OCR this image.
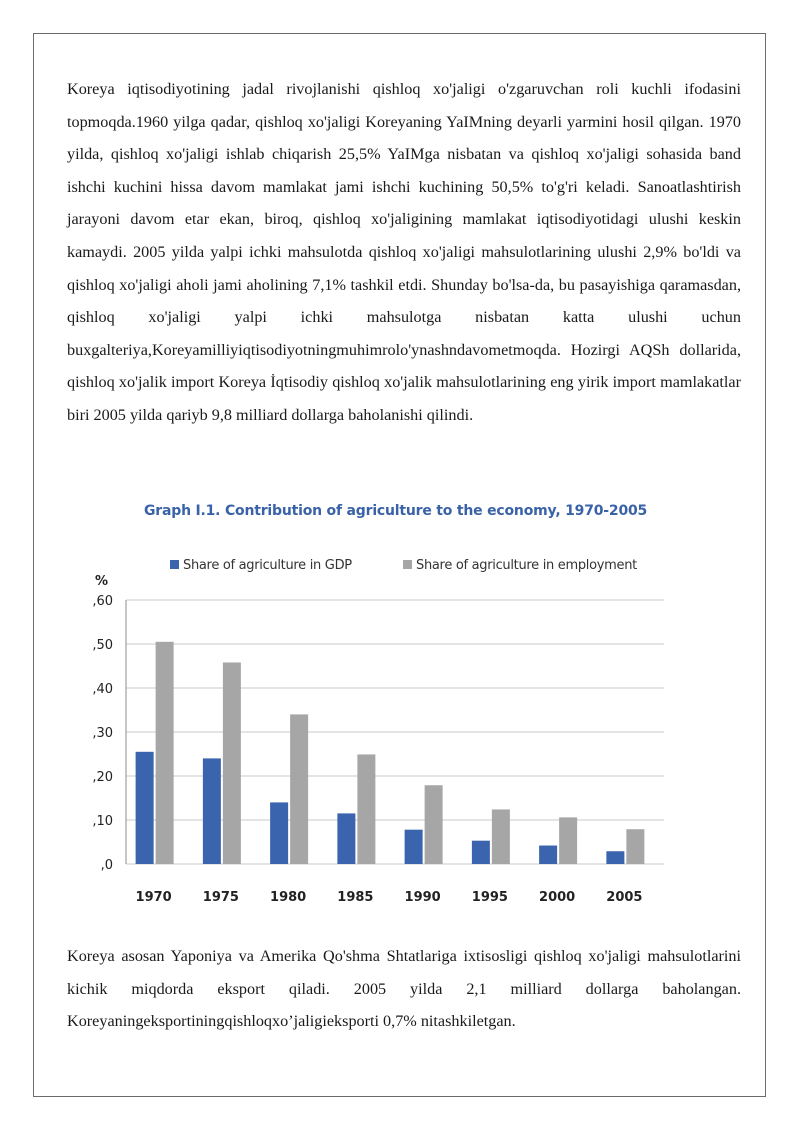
Koreya iqtisodiyotining jadal rivojlanishi qishloq xo'jaligi o'zgaruvchan roli kuchli ifodasini topmoqda.1960 yilga qadar, qishloq xo'jaligi Koreyaning YaIMning deyarli yarmini hosil qilgan. 1970 yilda, qishloq xo'jaligi ishlab chiqarish 25,5% YaIMga nisbatan va qishloq xo'jaligi sohasida band ishchi kuchini hissa davom mamlakat jami ishchi kuchining 50,5% to'g'ri keladi. Sanoatlashtirish jarayoni davom etar ekan, biroq, qishloq xo'jaligining mamlakat iqtisodiyotidagi ulushi keskin kamaydi. 2005 yilda yalpi ichki mahsulotda qishloq xo'jaligi mahsulotlarining ulushi 2,9% bo'ldi va qishloq xo'jaligi aholi jami aholining 7,1% tashkil etdi. Shunday bo'lsa-da, bu pasayishiga qaramasdan, qishloq xo'jaligi yalpi ichki mahsulotga nisbatan katta ulushi uchun buxgalteriya,Koreyamilliyiqtisodiyotningmuhimrolo'ynashndavometmoqda. Hozirgi AQSh dollarida, qishloq xo'jalik import Koreya İqtisodiy qishloq xo'jalik mahsulotlarining eng yirik import mamlakatlar biri 2005 yilda qariyb 9,8 milliard dollarga baholanishi qilindi.

Graph I.1. Contribution of agriculture to the economy, 1970-2005
,0
,10
,20
,30
,40
,50
,60
%
1970 1975 1980 1985 1990 1995 2000 2005
Share of agriculture in GDP	Share of agriculture in employment

Koreya asosan Yaponiya va Amerika Qo'shma Shtatlariga ixtisosligi qishloq xo'jaligi mahsulotlarini kichik miqdorda eksport qiladi. 2005 yilda 2,1 milliard dollarga baholangan. Koreyaningeksportiningqishloqxo’jaligieksporti 0,7% nitashkiletgan.
